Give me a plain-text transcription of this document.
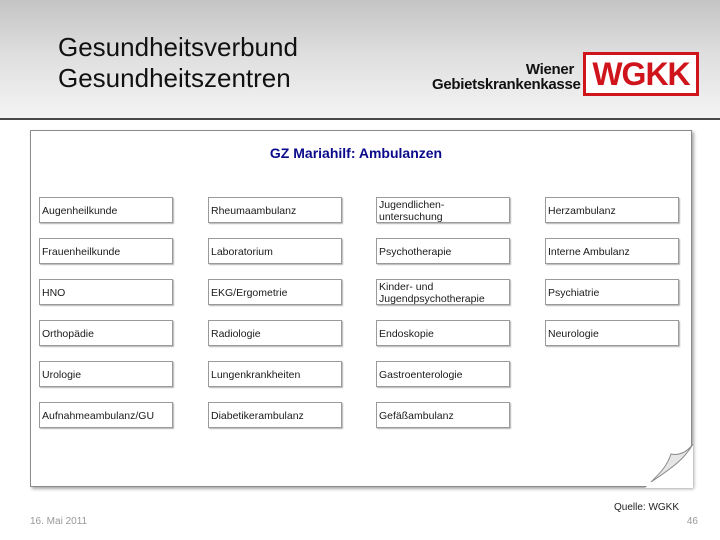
Gesundheitsverbund
Gesundheitszentren	Wiener
Gebietskrankenkasse WGKK
GZ Mariahilf: Ambulanzen
Augenheilkunde
Frauenheilkunde
HNO
Orthopädie
Urologie
Aufnahmeambulanz/GU
Rheumaambulanz
Laboratorium
EKG/Ergometrie
Radiologie
Lungenkrankheiten
Diabetikerambulanz
Jugendlichen-
untersuchung
Psychotherapie
Kinder- und
Jugendpsychotherapie
Endoskopie
Gastroenterologie
Gefäßambulanz
Herzambulanz
Interne Ambulanz
Psychiatrie
Neurologie
16. Mai 2011
Quelle: WGKK
46
